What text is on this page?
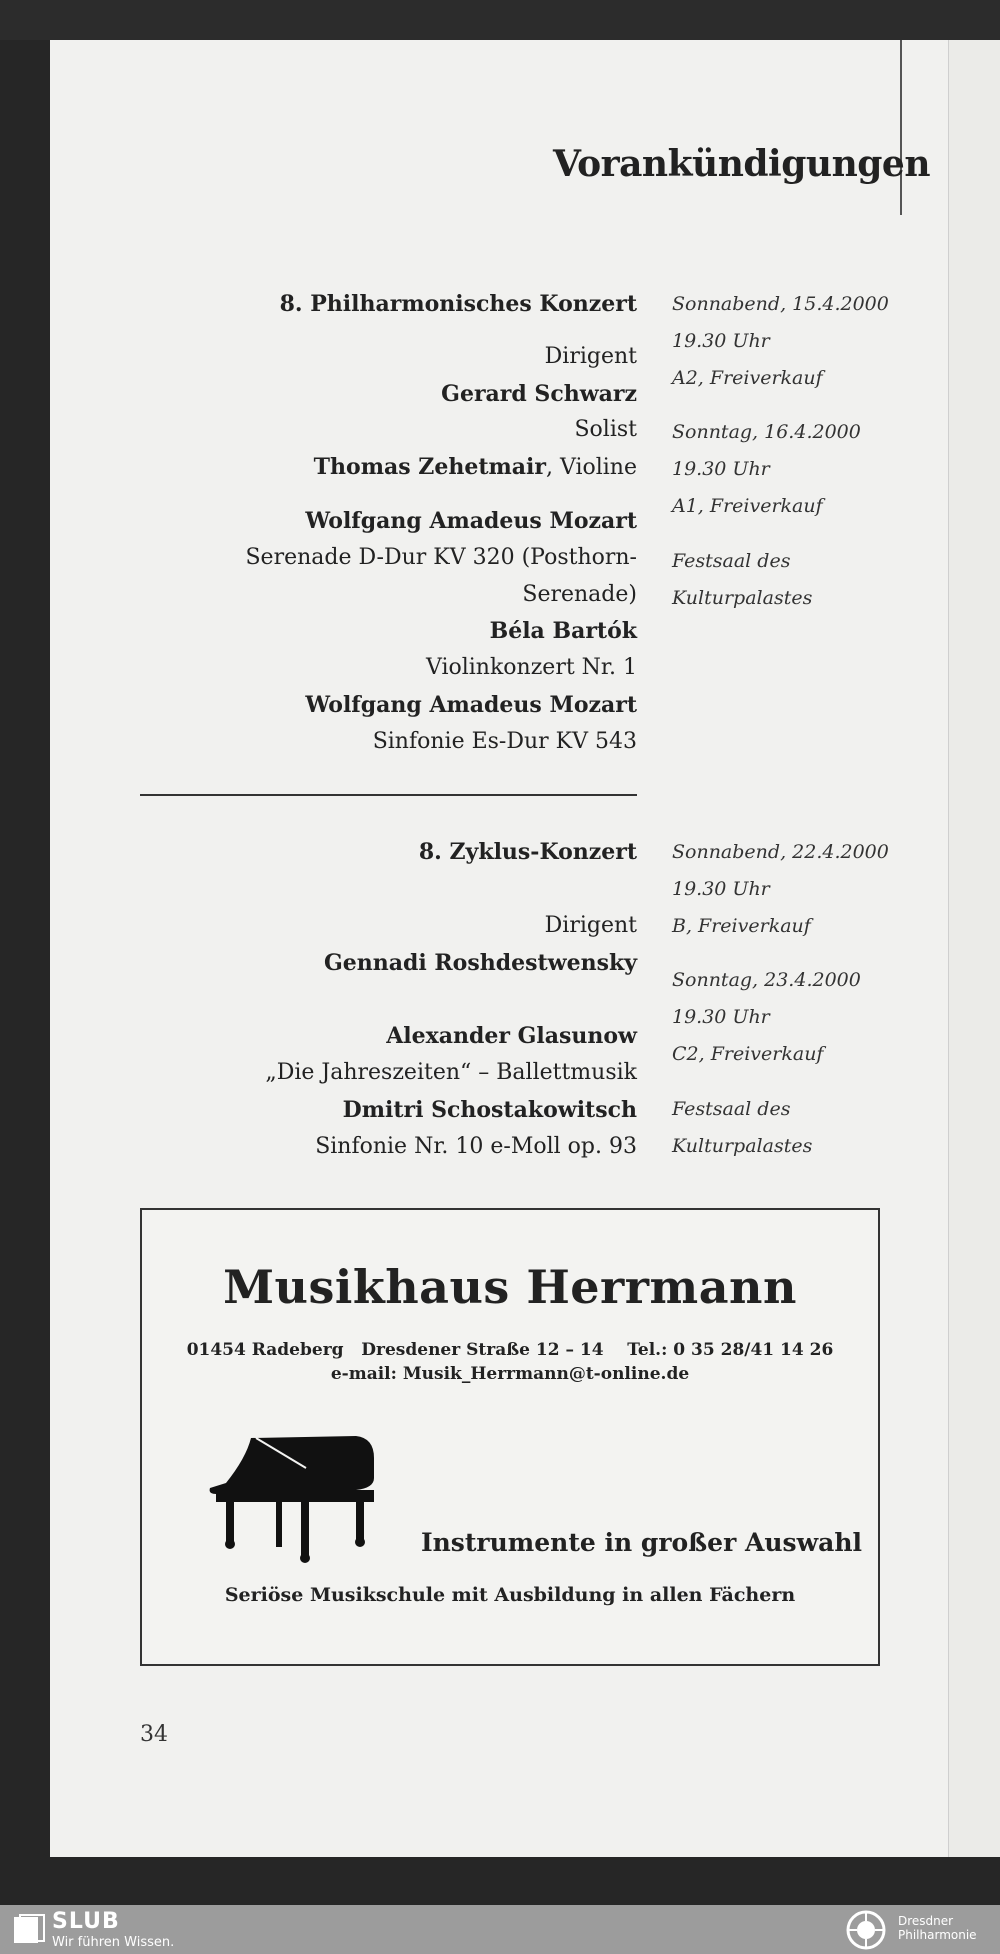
Vorankündigungen
8. Philharmonisches Konzert
Dirigent
Gerard Schwarz
Solist
Thomas Zehetmair, Violine
Wolfgang Amadeus Mozart
Serenade D-Dur KV 320 (Posthorn-Serenade)
Béla Bartók
Violinkonzert Nr. 1
Wolfgang Amadeus Mozart
Sinfonie Es-Dur KV 543
Sonnabend, 15.4.2000
19.30 Uhr
A2, Freiverkauf
Sonntag, 16.4.2000
19.30 Uhr
A1, Freiverkauf
Festsaal des
Kulturpalastes
8. Zyklus-Konzert
Dirigent
Gennadi Roshdestwensky
Alexander Glasunow
„Die Jahreszeiten“ – Ballettmusik
Dmitri Schostakowitsch
Sinfonie Nr. 10 e-Moll op. 93
Sonnabend, 22.4.2000
19.30 Uhr
B, Freiverkauf
Sonntag, 23.4.2000
19.30 Uhr
C2, Freiverkauf
Festsaal des
Kulturpalastes
Musikhaus Herrmann
01454 Radeberg   Dresdener Straße 12 – 14    Tel.: 0 35 28/41 14 26
e-mail: Musik_Herrmann@t-online.de
Instrumente in großer Auswahl
Seriöse Musikschule mit Ausbildung in allen Fächern
34
SLUB
Wir führen Wissen.
Dresdner
Philharmonie
